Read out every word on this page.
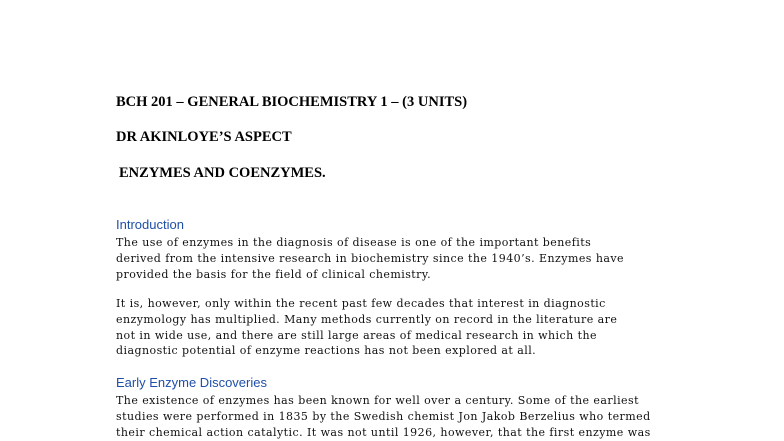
BCH 201 – GENERAL BIOCHEMISTRY 1 – (3 UNITS)
DR AKINLOYE’S ASPECT
ENZYMES AND COENZYMES.
Introduction
The use of enzymes in the diagnosis of disease is one of the important benefits
derived from the intensive research in biochemistry since the 1940’s. Enzymes have
provided the basis for the field of clinical chemistry.
It is, however, only within the recent past few decades that interest in diagnostic
enzymology has multiplied. Many methods currently on record in the literature are
not in wide use, and there are still large areas of medical research in which the
diagnostic potential of enzyme reactions has not been explored at all.
Early Enzyme Discoveries
The existence of enzymes has been known for well over a century. Some of the earliest
studies were performed in 1835 by the Swedish chemist Jon Jakob Berzelius who termed
their chemical action catalytic. It was not until 1926, however, that the first enzyme was
